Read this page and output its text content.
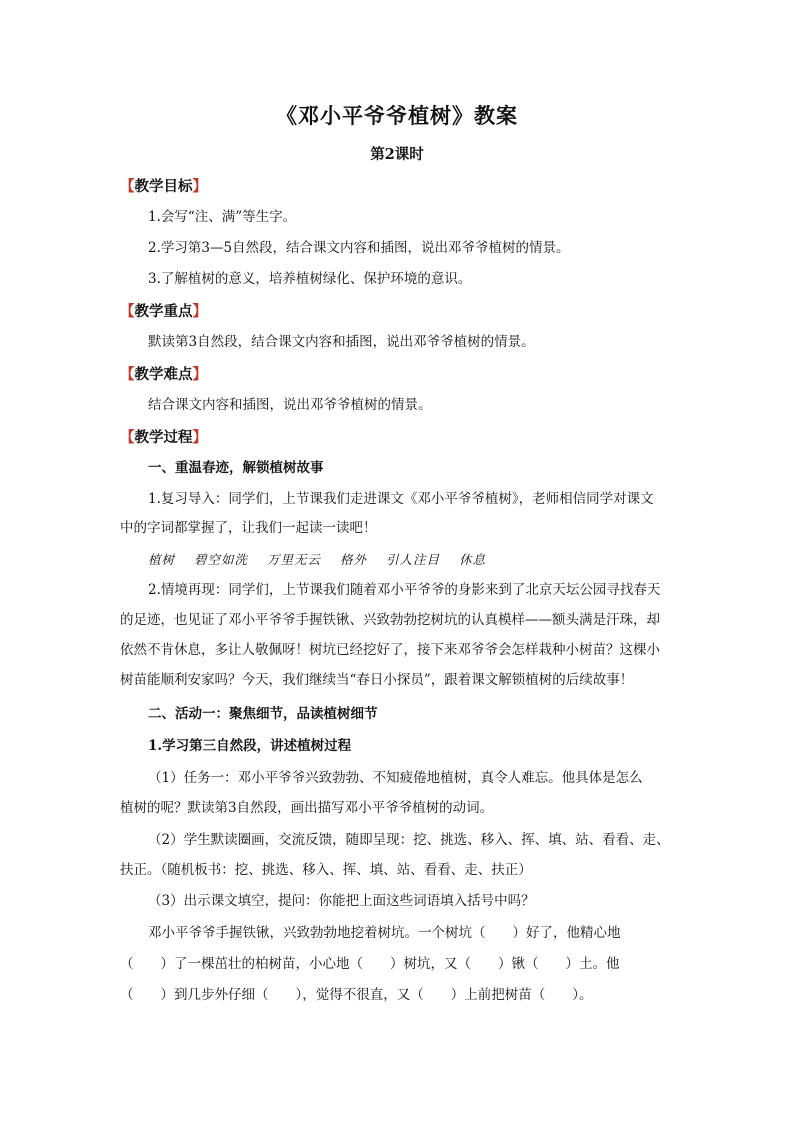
《邓小平爷爷植树》教案
第2课时
【教学目标】
1.会写“注、满”等生字。
2.学习第3—5自然段，结合课文内容和插图，说出邓爷爷植树的情景。
3.了解植树的意义，培养植树绿化、保护环境的意识。
【教学重点】
默读第3自然段，结合课文内容和插图，说出邓爷爷植树的情景。
【教学难点】
结合课文内容和插图，说出邓爷爷植树的情景。
【教学过程】
一、重温春迹，解锁植树故事
1.复习导入：同学们，上节课我们走进课文《邓小平爷爷植树》，老师相信同学对课文
中的字词都掌握了，让我们一起读一读吧！
植树 碧空如洗 万里无云 格外 引人注目 休息
2.情境再现：同学们，上节课我们随着邓小平爷爷的身影来到了北京天坛公园寻找春天
的足迹，也见证了邓小平爷爷手握铁锹、兴致勃勃挖树坑的认真模样——额头满是汗珠，却
依然不肯休息，多让人敬佩呀！树坑已经挖好了，接下来邓爷爷会怎样栽种小树苗？这棵小
树苗能顺利安家吗？今天，我们继续当“春日小探员”，跟着课文解锁植树的后续故事！
二、活动一：聚焦细节，品读植树细节
1.学习第三自然段，讲述植树过程
（1）任务一：邓小平爷爷兴致勃勃、不知疲倦地植树，真令人难忘。他具体是怎么
植树的呢？默读第3自然段，画出描写邓小平爷爷植树的动词。
（2）学生默读圈画，交流反馈，随即呈现：挖、挑选、移入、挥、填、站、看看、走、
扶正。（随机板书：挖、挑选、移入、挥、填、站、看看、走、扶正）
（3）出示课文填空，提问：你能把上面这些词语填入括号中吗？
邓小平爷爷手握铁锹，兴致勃勃地挖着树坑。一个树坑（　　）好了，他精心地
（　　）了一棵茁壮的柏树苗，小心地（　　）树坑，又（　　）锹（　　）土。他
（　　）到几步外仔细（　　），觉得不很直，又（　　）上前把树苗（　　）。
